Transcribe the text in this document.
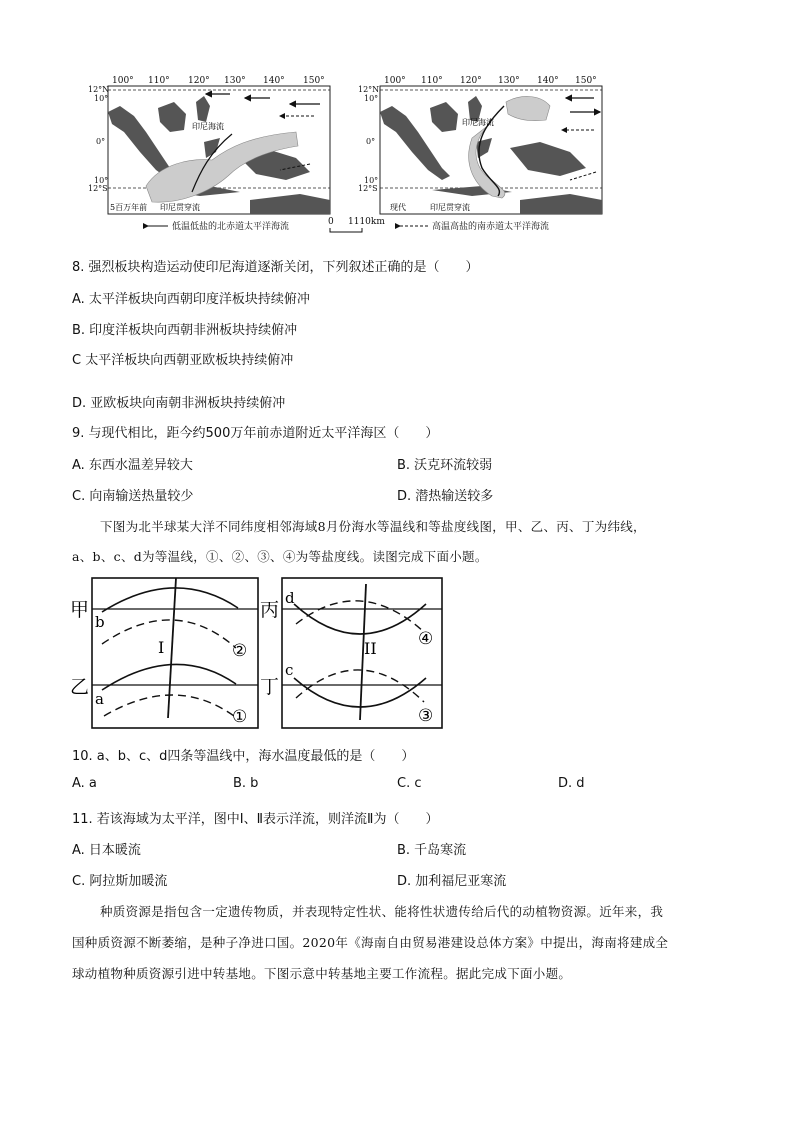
100° 110° 120° 130° 140° 150°	100° 110° 120° 130° 140° 150°
12°N
10°
0°
10°
12°S
印尼海流
印尼贯穿流
5百万年前
12°N
10°
0°
10°
12°S
印尼海流
印尼贯穿流
现代
低温低盐的北赤道太平洋海流	0 1110km	高温高盐的南赤道太平洋海流
8. 强烈板块构造运动使印尼海道逐渐关闭，下列叙述正确的是（　　）
A. 太平洋板块向西朝印度洋板块持续俯冲
B. 印度洋板块向西朝非洲板块持续俯冲
C 太平洋板块向西朝亚欧板块持续俯冲
D. 亚欧板块向南朝非洲板块持续俯冲
9. 与现代相比，距今约500万年前赤道附近太平洋海区（　　）
A. 东西水温差异较大	B. 沃克环流较弱
C. 向南输送热量较少	D. 潜热输送较多
下图为北半球某大洋不同纬度相邻海域8月份海水等温线和等盐度线图，甲、乙、丙、丁为纬线，
a、b、c、d为等温线，①、②、③、④为等盐度线。读图完成下面小题。
甲
乙
b
a
I	②
①
丙
丁
d
c
II ④
③
10. a、b、c、d四条等温线中，海水温度最低的是（　　）
A. a	B. b	C. c	D. d
11. 若该海域为太平洋，图中Ⅰ、Ⅱ表示洋流，则洋流Ⅱ为（　　）
A. 日本暖流	B. 千岛寒流
C. 阿拉斯加暖流	D. 加利福尼亚寒流
种质资源是指包含一定遗传物质，并表现特定性状、能将性状遗传给后代的动植物资源。近年来，我
国种质资源不断萎缩，是种子净进口国。2020年《海南自由贸易港建设总体方案》中提出，海南将建成全
球动植物种质资源引进中转基地。下图示意中转基地主要工作流程。据此完成下面小题。
